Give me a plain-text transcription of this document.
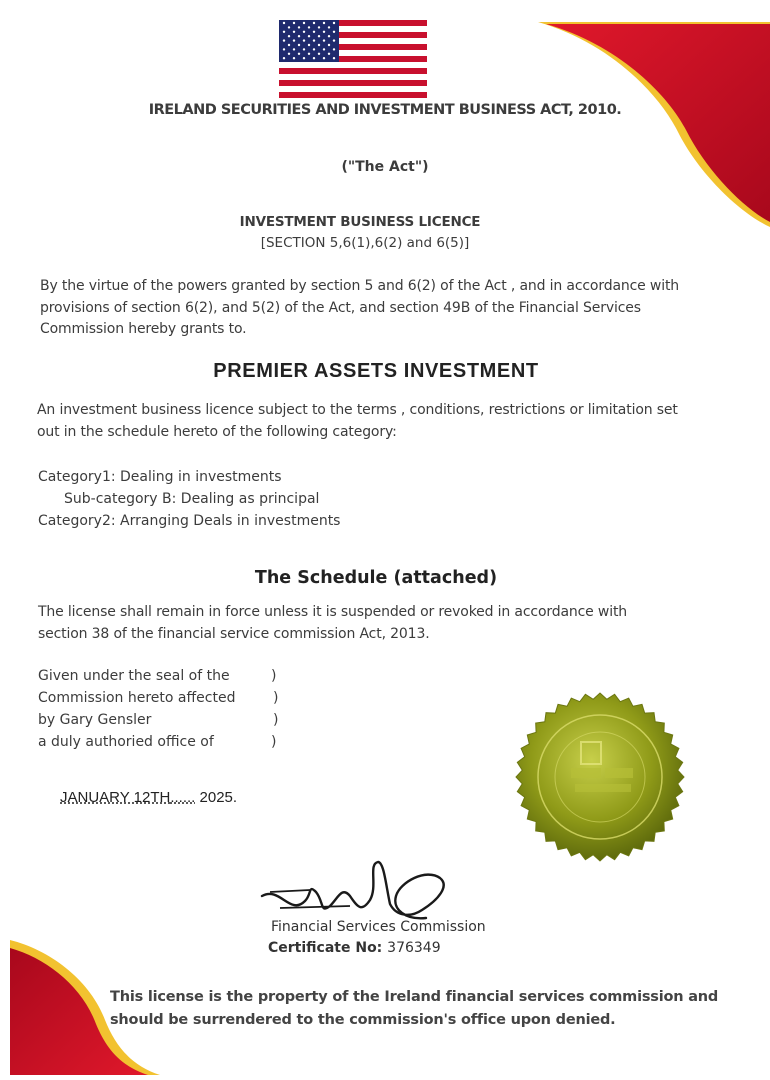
IRELAND SECURITIES AND INVESTMENT BUSINESS ACT, 2010.
("The Act")
INVESTMENT BUSINESS LICENCE
[SECTION 5,6(1),6(2) and 6(5)]
By the virtue of the powers granted by section 5 and 6(2) of the Act , and in accordance with
provisions of section 6(2), and 5(2) of the Act, and section 49B of the Financial Services
Commission hereby grants to.
PREMIER ASSETS INVESTMENT
An investment business licence subject to the terms , conditions, restrictions or limitation set
out in the schedule hereto of the following category:
Category1: Dealing in investments
Sub-category B: Dealing as principal
Category2: Arranging Deals in investments
The Schedule (attached)
The license shall remain in force unless it is suspended or revoked in accordance with
section 38 of the financial service commission Act, 2013.
Given under the seal of the
Commission hereto affected
by Gary Gensler
a duly authoried office of
)
)
)
)
JANUARY 12TH...... 2025.
Financial Services Commission
Certificate No: 376349
This license is the property of the Ireland financial services commission and
should be surrendered to the commission's office upon denied.
